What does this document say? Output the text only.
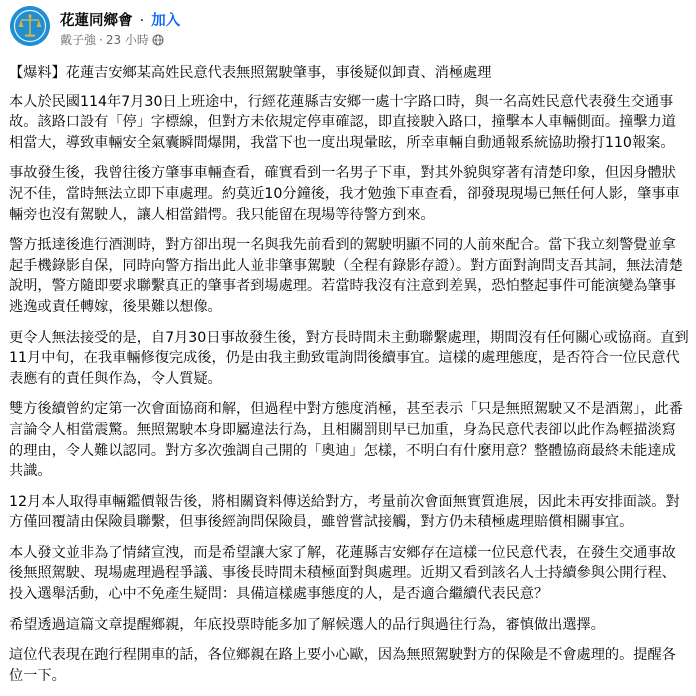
花蓮同鄉會 · 加入
戴子強 · 23 小時

【爆料】花蓮吉安鄉某高姓民意代表無照駕駛肇事，事後疑似卸責、消極處理

本人於民國114年7月30日上班途中，行經花蓮縣吉安鄉一處十字路口時，與一名高姓民意代表發生交通事故。該路口設有「停」字標線，但對方未依規定停車確認，即直接駛入路口，撞擊本人車輛側面。撞擊力道相當大，導致車輛安全氣囊瞬間爆開，我當下也一度出現暈眩，所幸車輛自動通報系統協助撥打110報案。

事故發生後，我曾往後方肇事車輛查看，確實看到一名男子下車，對其外貌與穿著有清楚印象，但因身體狀況不佳，當時無法立即下車處理。約莫近10分鐘後，我才勉強下車查看，卻發現現場已無任何人影，肇事車輛旁也沒有駕駛人，讓人相當錯愕。我只能留在現場等待警方到來。

警方抵達後進行酒測時，對方卻出現一名與我先前看到的駕駛明顯不同的人前來配合。當下我立刻警覺並拿起手機錄影自保，同時向警方指出此人並非肇事駕駛（全程有錄影存證）。對方面對詢問支吾其詞，無法清楚說明，警方隨即要求聯繫真正的肇事者到場處理。若當時我沒有注意到差異，恐怕整起事件可能演變為肇事逃逸或責任轉嫁，後果難以想像。

更令人無法接受的是，自7月30日事故發生後，對方長時間未主動聯繫處理，期間沒有任何關心或協商。直到11月中旬，在我車輛修復完成後，仍是由我主動致電詢問後續事宜。這樣的處理態度，是否符合一位民意代表應有的責任與作為，令人質疑。

雙方後續曾約定第一次會面協商和解，但過程中對方態度消極，甚至表示「只是無照駕駛又不是酒駕」，此番言論令人相當震驚。無照駕駛本身即屬違法行為，且相關罰則早已加重，身為民意代表卻以此作為輕描淡寫的理由，令人難以認同。對方多次強調自己開的「奧迪」怎樣，不明白有什麼用意？整體協商最終未能達成共識。

12月本人取得車輛鑑價報告後，將相關資料傳送給對方，考量前次會面無實質進展，因此未再安排面談。對方僅回覆請由保險員聯繫，但事後經詢問保險員，雖曾嘗試接觸，對方仍未積極處理賠償相關事宜。

本人發文並非為了情緒宣洩，而是希望讓大家了解，花蓮縣吉安鄉存在這樣一位民意代表，在發生交通事故後無照駕駛、現場處理過程爭議、事後長時間未積極面對與處理。近期又看到該名人士持續參與公開行程、投入選舉活動，心中不免產生疑問：具備這樣處事態度的人，是否適合繼續代表民意？

希望透過這篇文章提醒鄉親，年底投票時能多加了解候選人的品行與過往行為，審慎做出選擇。

這位代表現在跑行程開車的話，各位鄉親在路上要小心歐，因為無照駕駛對方的保險是不會處理的。提醒各位一下。
